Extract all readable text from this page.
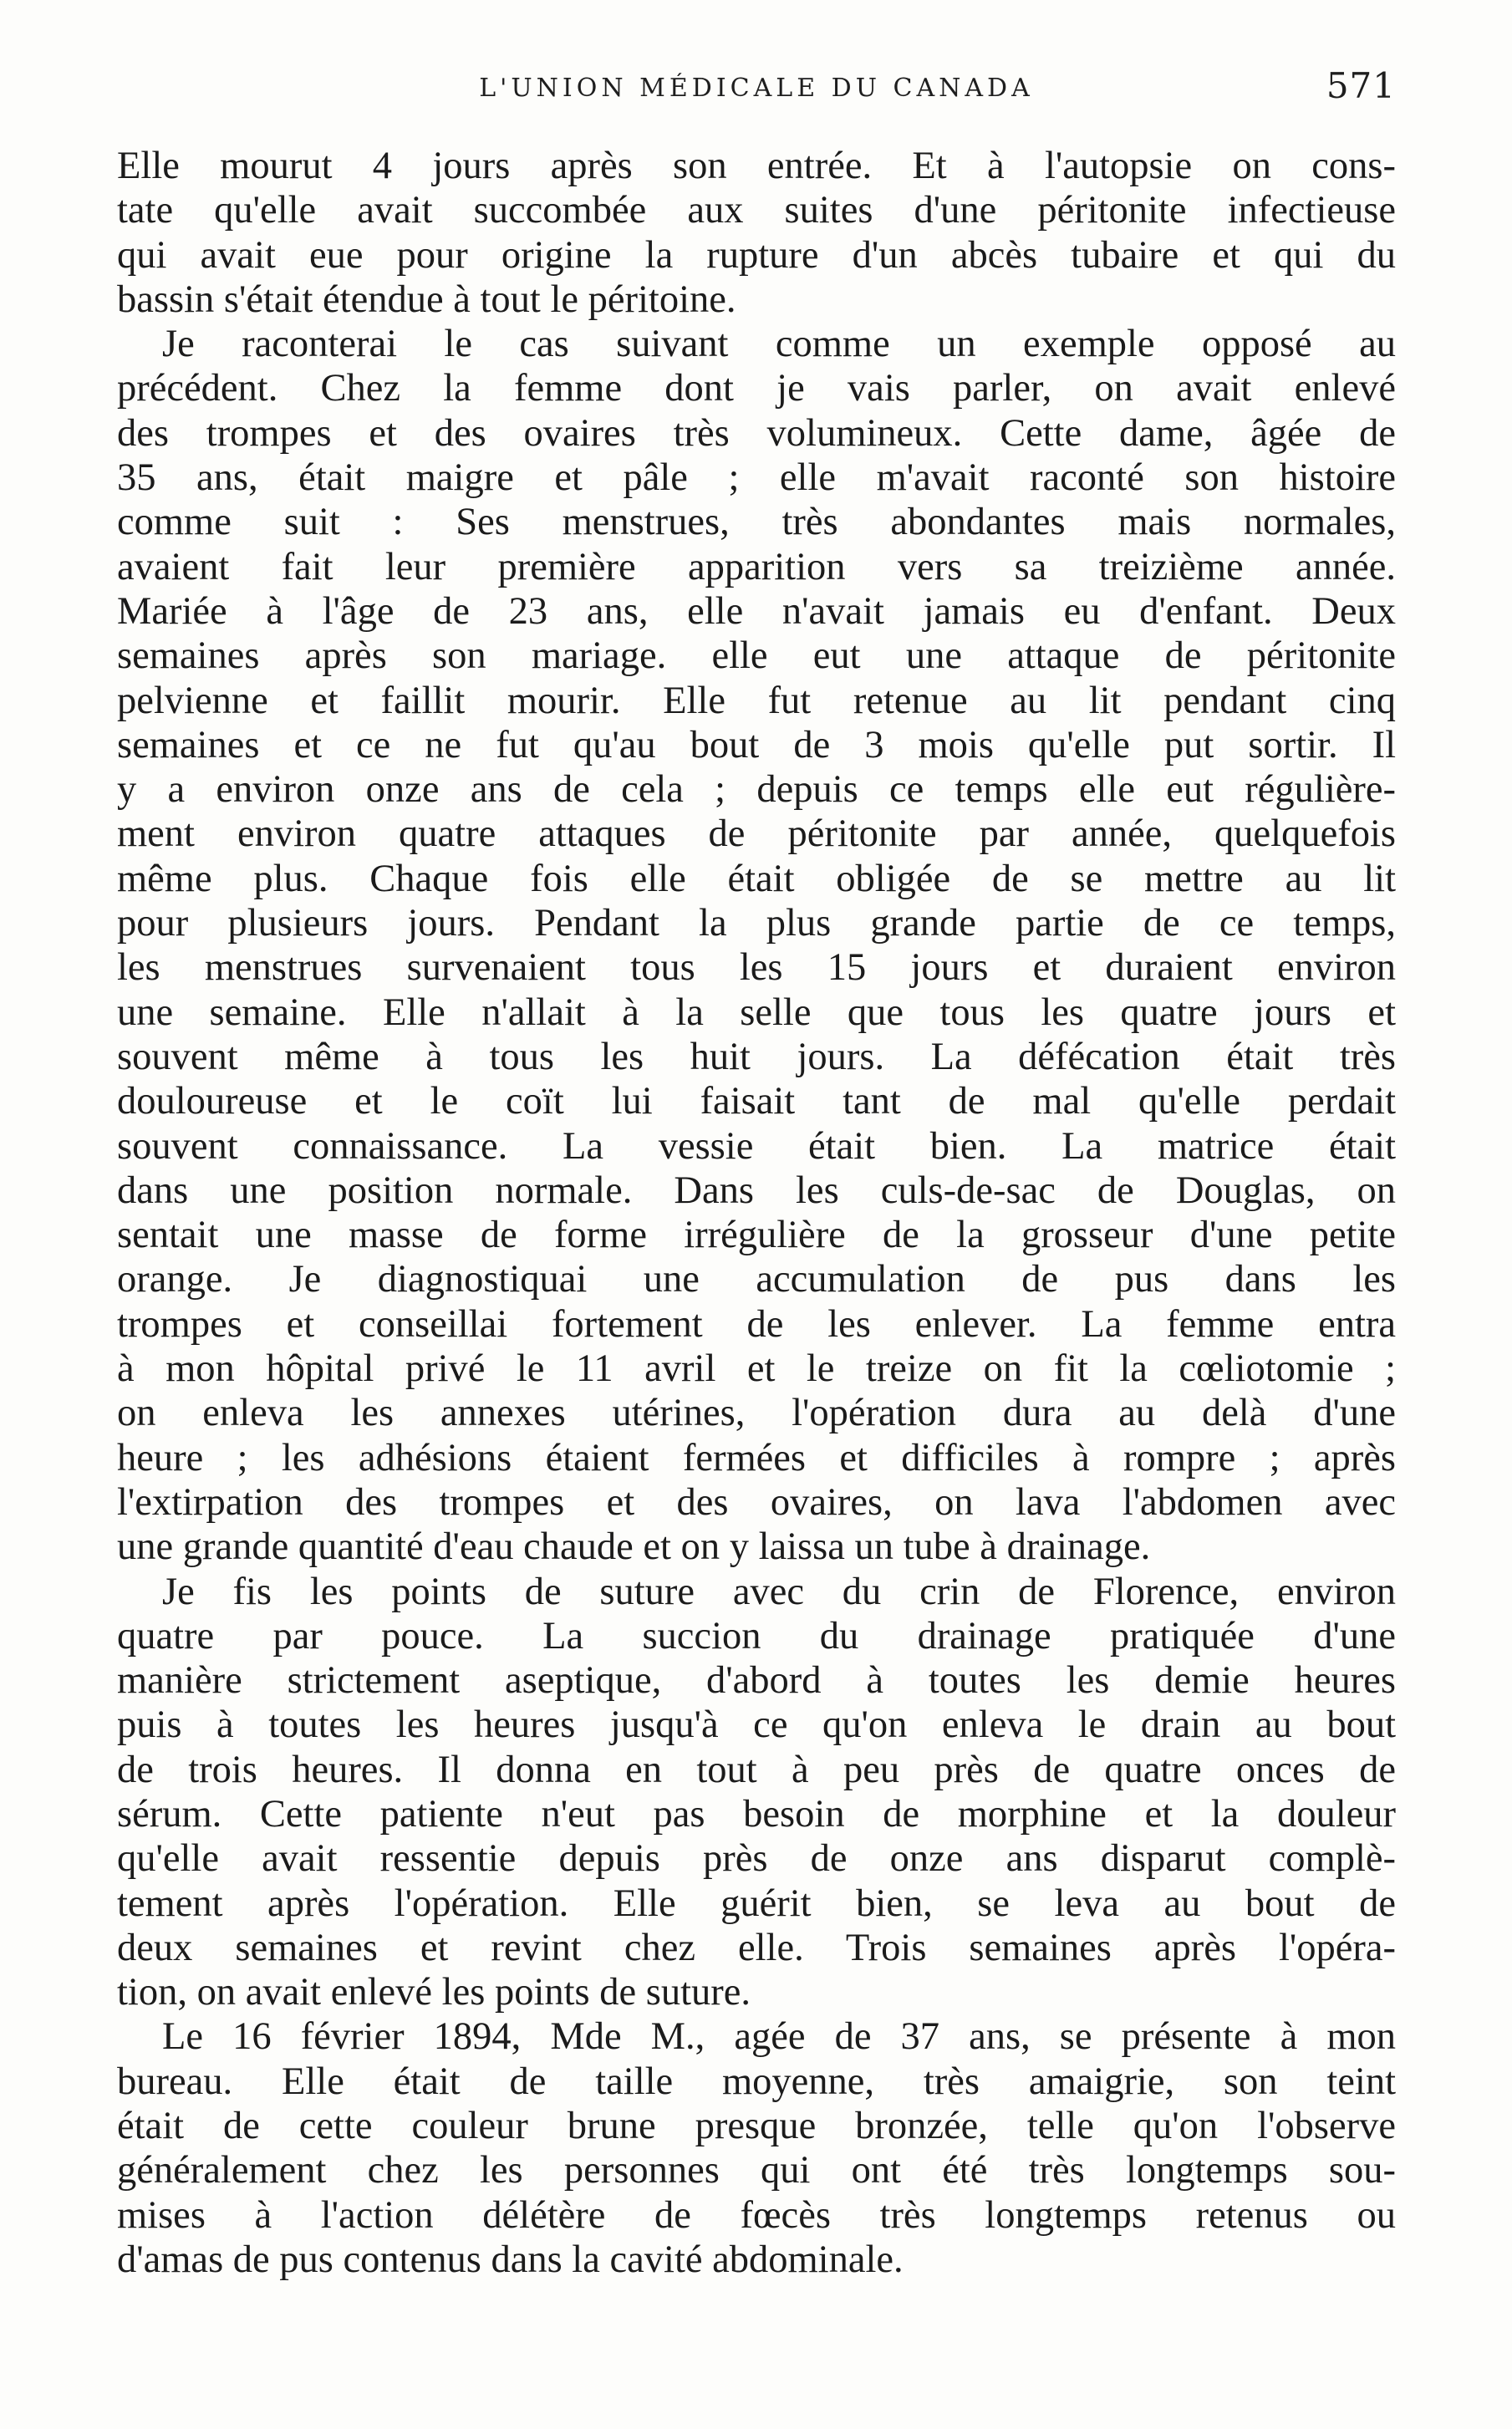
L'UNION MÉDICALE DU CANADA	571
Elle mourut 4 jours après son entrée. Et à l'autopsie on cons-
tate qu'elle avait succombée aux suites d'une péritonite infectieuse
qui avait eue pour origine la rupture d'un abcès tubaire et qui du
bassin s'était étendue à tout le péritoine.
Je raconterai le cas suivant comme un exemple opposé au
précédent. Chez la femme dont je vais parler, on avait enlevé
des trompes et des ovaires très volumineux. Cette dame, âgée de
35 ans, était maigre et pâle ; elle m'avait raconté son histoire
comme suit : Ses menstrues, très abondantes mais normales,
avaient fait leur première apparition vers sa treizième année.
Mariée à l'âge de 23 ans, elle n'avait jamais eu d'enfant. Deux
semaines après son mariage. elle eut une attaque de péritonite
pelvienne et faillit mourir. Elle fut retenue au lit pendant cinq
semaines et ce ne fut qu'au bout de 3 mois qu'elle put sortir. Il
y a environ onze ans de cela ; depuis ce temps elle eut régulière-
ment environ quatre attaques de péritonite par année, quelquefois
même plus. Chaque fois elle était obligée de se mettre au lit
pour plusieurs jours. Pendant la plus grande partie de ce temps,
les menstrues survenaient tous les 15 jours et duraient environ
une semaine. Elle n'allait à la selle que tous les quatre jours et
souvent même à tous les huit jours. La défécation était très
douloureuse et le coït lui faisait tant de mal qu'elle perdait
souvent connaissance. La vessie était bien. La matrice était
dans une position normale. Dans les culs-de-sac de Douglas, on
sentait une masse de forme irrégulière de la grosseur d'une petite
orange. Je diagnostiquai une accumulation de pus dans les
trompes et conseillai fortement de les enlever. La femme entra
à mon hôpital privé le 11 avril et le treize on fit la cœliotomie ;
on enleva les annexes utérines, l'opération dura au delà d'une
heure ; les adhésions étaient fermées et difficiles à rompre ; après
l'extirpation des trompes et des ovaires, on lava l'abdomen avec
une grande quantité d'eau chaude et on y laissa un tube à drainage.
Je fis les points de suture avec du crin de Florence, environ
quatre par pouce. La succion du drainage pratiquée d'une
manière strictement aseptique, d'abord à toutes les demie heures
puis à toutes les heures jusqu'à ce qu'on enleva le drain au bout
de trois heures. Il donna en tout à peu près de quatre onces de
sérum. Cette patiente n'eut pas besoin de morphine et la douleur
qu'elle avait ressentie depuis près de onze ans disparut complè-
tement après l'opération. Elle guérit bien, se leva au bout de
deux semaines et revint chez elle. Trois semaines après l'opéra-
tion, on avait enlevé les points de suture.
Le 16 février 1894, Mde M., agée de 37 ans, se présente à mon
bureau. Elle était de taille moyenne, très amaigrie, son teint
était de cette couleur brune presque bronzée, telle qu'on l'observe
généralement chez les personnes qui ont été très longtemps sou-
mises à l'action délétère de fœcès très longtemps retenus ou
d'amas de pus contenus dans la cavité abdominale.
